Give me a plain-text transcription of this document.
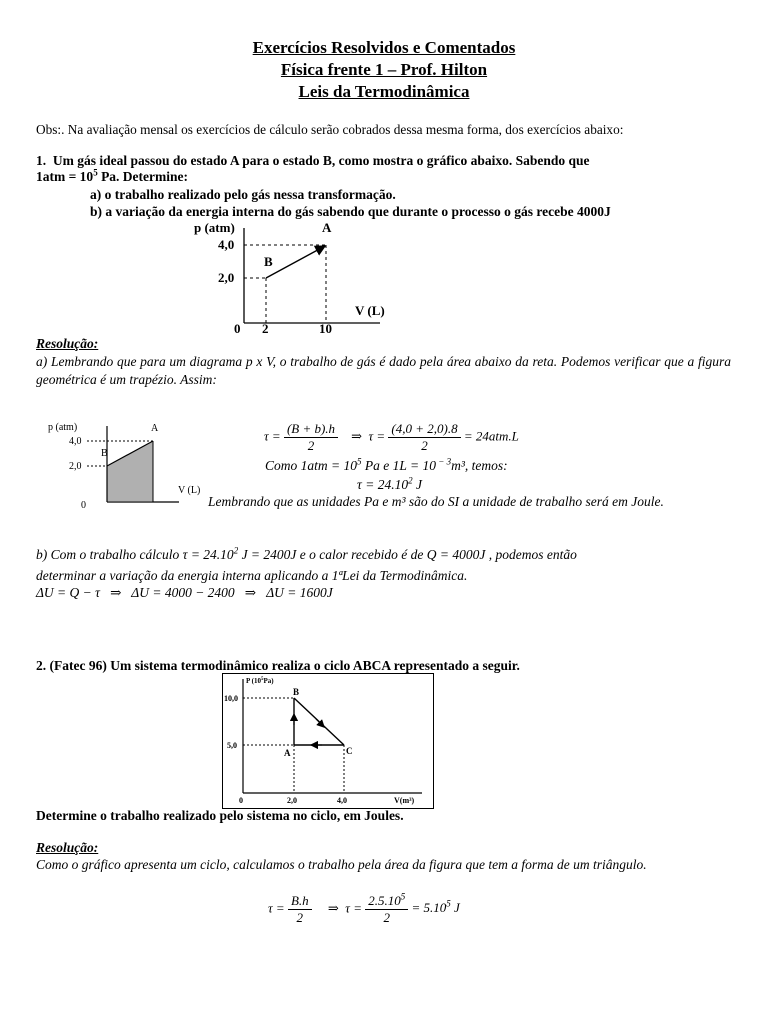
Exercícios Resolvidos e Comentados
Física frente 1 – Prof. Hilton
Leis da Termodinâmica
Obs:. Na avaliação mensal os exercícios de cálculo serão cobrados dessa mesma forma, dos exercícios abaixo:
1. Um gás ideal passou do estado A para o estado B, como mostra o gráfico abaixo. Sabendo que
$1atm = 10^5$ Pa. Determine:
a) o trabalho realizado pelo gás nessa transformação.
b) a variação da energia interna do gás sabendo que durante o processo o gás recebe 4000J
p (atm)	A
B
4,0
2,0
V (L)
0 2	10
Resolução:
a) Lembrando que para um diagrama p x V, o trabalho de gás é dado pela área abaixo da reta. Podemos verificar que a figura geométrica é um trapézio. Assim:
p (atm)	A
B
4,0
2,0
V (L)
0
$\tau = \frac{(B + b).h}{2}$ ⇒ $\tau = \frac{(4,0 + 2,0).8}{2} = 24atm.L$
Como $1atm = 10^5$ Pa e 1L = 10 $^{- 3}$m³, temos:
$\tau = 24.10^2$ J
Lembrando que as unidades Pa e m³ são do SI a unidade de trabalho será em Joule.
b) Com o trabalho cálculo $\tau = 24.10^2$ J = 2400J e o calor recebido é de Q = 4000J , podemos então
determinar a variação da energia interna aplicando a 1ªLei da Termodinâmica.
ΔU = Q − τ   ⇒   ΔU = 4000 − 2400   ⇒   ΔU = 1600J
2. (Fatec 96) Um sistema termodinâmico realiza o ciclo ABCA representado a seguir.
P $(10^5Pa)$
10,0
5,0
0	2,0	4,0	V(m³)
B
A	C
Determine o trabalho realizado pelo sistema no ciclo, em Joules.
Resolução:
Como o gráfico apresenta um ciclo, calculamos o trabalho pela área da figura que tem a forma de um triângulo.
$\tau = \frac{B.h}{2}$ ⇒ $\tau = \frac{2.5.10^5}{2} = 5.10^5$ J
